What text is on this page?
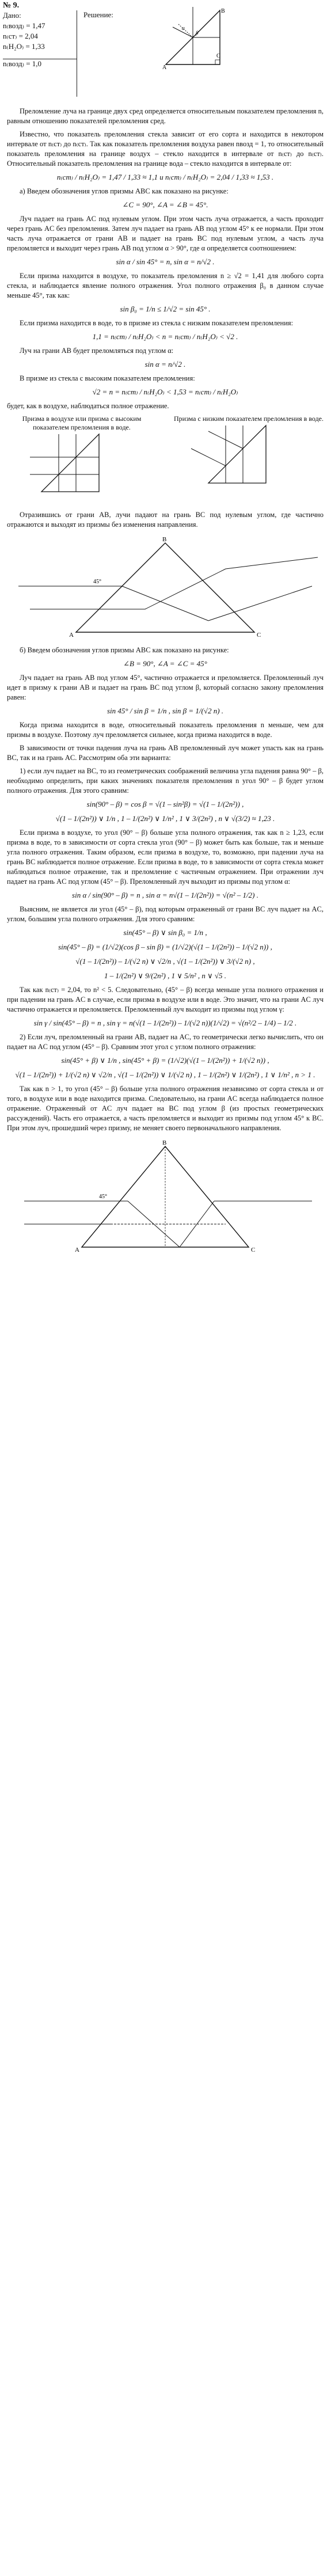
№ 9.
Дано:
n₍возд₎ = 1,47
n₍ст₎ = 2,04
n₍H₂O₎ = 1,33
n₍возд₎ = 1,0
Решение:
A
B
C
α
β

Преломление луча на границе двух сред определяется относительным показателем преломления n, равным отношению показателей преломления сред.

Известно, что показатель преломления стекла зависит от его сорта и находится в некотором интервале от n₍ст₎ до n₍ст₎. Так как показатель преломления воздуха равен nвозд = 1, то относительный показатель преломления на границе воздух – стекло находится в интервале от n₍ст₎ до n₍ст₎. Относительный показатель преломления на границе вода – стекло находится в интервале от:

n₍ст₎ / n₍H₂O₎ = 1,47 / 1,33 ≈ 1,1 и n₍ст₎ / n₍H₂O₎ = 2,04 / 1,33 ≈ 1,53 .

а) Введем обозначения углов призмы ABC как показано на рисунке:

∠C = 90°, ∠A = ∠B = 45°.

Луч падает на грань AC под нулевым углом. При этом часть луча отражается, а часть проходит через грань AC без преломления. Затем луч падает на грань AB под углом 45° к ее нормали. При этом часть луча отражается от грани AB и падает на грань BC под нулевым углом, а часть луча преломляется и выходит через грань AB под углом α > 90°, где α определяется соотношением:

sin α / sin 45° = n, sin α = n/√2 .

Если призма находится в воздухе, то показатель преломления n ≥ √2 = 1,41 для любого сорта стекла, и наблюдается явление полного отражения. Угол полного отражения β₀ в данном случае меньше 45°, так как:

sin β₀ = 1/n ≤ 1/√2 = sin 45° .

Если призма находится в воде, то в призме из стекла с низким показателем преломления:

1,1 = n₍ст₎ / n₍H₂O₎ < n = n₍ст₎ / n₍H₂O₎ < √2 .

Луч на грани AB будет преломляться под углом α:

sin α = n/√2 .

В призме из стекла с высоким показателем преломления:

√2 = n = n₍ст₎ / n₍H₂O₎ < 1,53 = n₍ст₎ / n₍H₂O₎

будет, как в воздухе, наблюдаться полное отражение.

Призма в воздухе или призма с высоким показателем преломления в воде.
Призма с низким показателем преломления в воде.

Отразившись от грани AB, лучи падают на грань BC под нулевым углом, где частично отражаются и выходят из призмы без изменения направления.

A
B
C
45°

б) Введем обозначения углов призмы ABC как показано на рисунке:

∠B = 90°, ∠A = ∠C = 45°

Луч падает на грань AB под углом 45°, частично отражается и преломляется. Преломленный луч идет в призму к грани AB и падает на грань BC под углом β, который согласно закону преломления равен:

sin 45° / sin β = 1/n , sin β = 1/(√2 n) .

Когда призма находится в воде, относительный показатель преломления n меньше, чем для призмы в воздухе. Поэтому луч преломляется сильнее, когда призма находится в воде.

В зависимости от точки падения луча на грань AB преломленный луч может упасть как на грань BC, так и на грань AC. Рассмотрим оба эти варианта:

1) если луч падает на BC, то из геометрических соображений величина угла падения равна 90° – β, необходимо определить, при каких значениях показателя преломления n угол 90° – β будет углом полного отражения. Для этого сравним:

sin(90° – β) = cos β = √(1 – sin²β) = √(1 – 1/(2n²)) ,
√(1 – 1/(2n²)) ∨ 1/n , 1 – 1/(2n²) ∨ 1/n² , 1 ∨ 3/(2n²) , n ∨ √(3/2) ≈ 1,23 .

Если призма в воздухе, то угол (90° – β) больше угла полного отражения, так как n ≥ 1,23, если призма в воде, то в зависимости от сорта стекла угол (90° – β) может быть как больше, так и меньше угла полного отражения. Таким образом, если призма в воздухе, то, возможно, при падении луча на грань BC наблюдается полное отражение. Если призма в воде, то в зависимости от сорта стекла может наблюдаться полное отражение, так и преломление с частичным отражением. При отражении луч падает на грань AC под углом (45° – β). Преломленный луч выходит из призмы под углом α:

sin α / sin(90° – β) = n , sin α = n√(1 – 1/(2n²)) = √(n² – 1/2) .

Выясним, не является ли угол (45° – β), под которым отраженный от грани BC луч падает на AC, углом, большим угла полного отражения. Для этого сравним:

sin(45° – β) ∨ sin β₀ = 1/n ,
sin(45° – β) = (1/√2)(cos β – sin β) = (1/√2)(√(1 – 1/(2n²)) – 1/(√2 n)) ,
√(1 – 1/(2n²)) – 1/(√2 n) ∨ √2/n , √(1 – 1/(2n²)) ∨ 3/(√2 n) ,
1 – 1/(2n²) ∨ 9/(2n²) , 1 ∨ 5/n² , n ∨ √5 .

Так как n₍ст₎ = 2,04, то n² < 5. Следовательно, (45° – β) всегда меньше угла полного отражения и при падении на грань AC в случае, если призма в воздухе или в воде. Это значит, что на грани AC луч частично отражается и преломляется. Преломленный луч выходит из призмы под углом γ:

sin γ / sin(45° – β) = n , sin γ = n(√(1 – 1/(2n²)) – 1/(√2 n))(1/√2) = √(n²/2 – 1/4) – 1/2 .

2) Если луч, преломленный на грани AB, падает на AC, то геометрически легко вычислить, что он падает на AC под углом (45° – β). Сравним этот угол с углом полного отражения:

sin(45° + β) ∨ 1/n , sin(45° + β) = (1/√2)(√(1 – 1/(2n²)) + 1/(√2 n)) ,
√(1 – 1/(2n²)) + 1/(√2 n) ∨ √2/n , √(1 – 1/(2n²)) ∨ 1/(√2 n) , 1 – 1/(2n²) ∨ 1/(2n²) , 1 ∨ 1/n² , n > 1 .

Так как n > 1, то угол (45° – β) больше угла полного отражения независимо от сорта стекла и от того, в воздухе или в воде находится призма. Следовательно, на грани AC всегда наблюдается полное отражение. Отраженный от AC луч падает на BC под углом β (из простых геометрических рассуждений). Часть его отражается, а часть преломляется и выходит из призмы под углом 45° к BC. При этом луч, прошедший через призму, не меняет своего первоначального направления.

A
B
C
45°
